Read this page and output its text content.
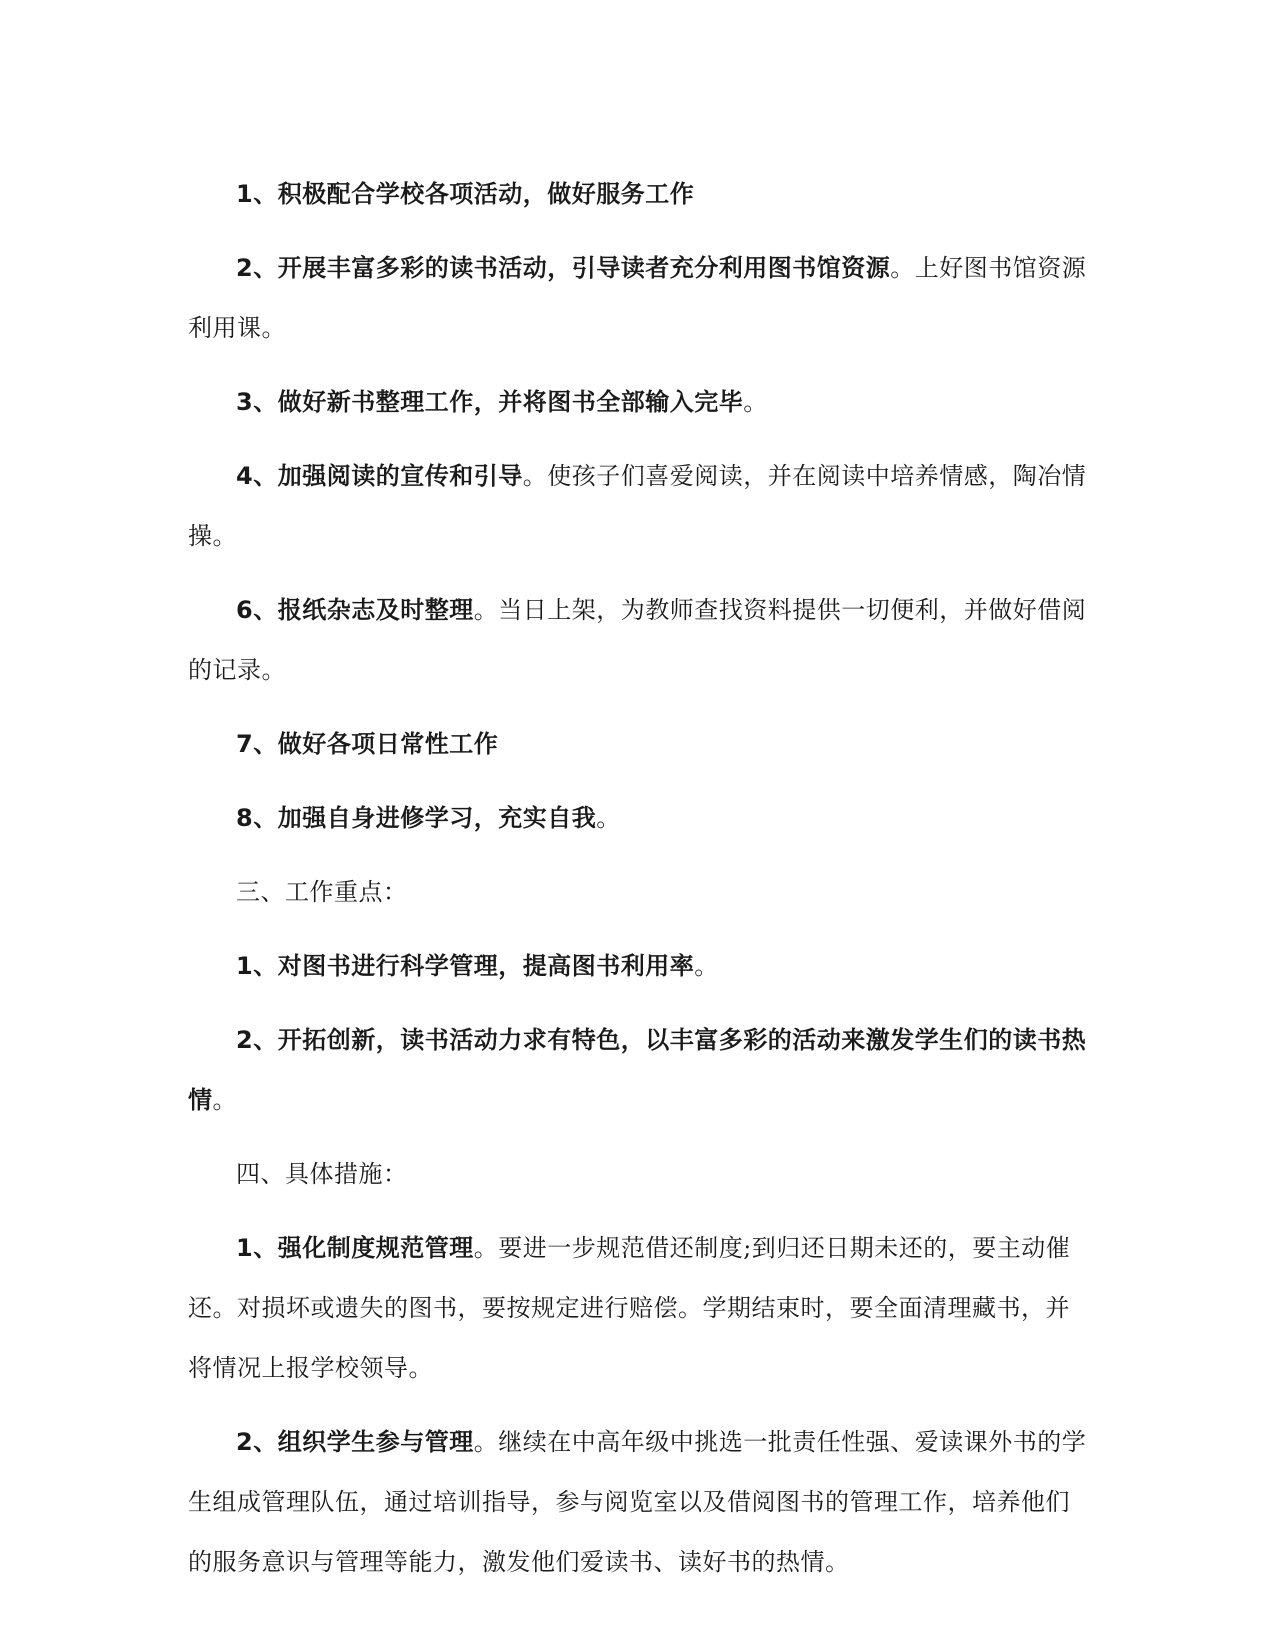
1、积极配合学校各项活动，做好服务工作

2、开展丰富多彩的读书活动，引导读者充分利用图书馆资源。上好图书馆资源利用课。

3、做好新书整理工作，并将图书全部输入完毕。

4、加强阅读的宣传和引导。使孩子们喜爱阅读，并在阅读中培养情感，陶冶情操。

6、报纸杂志及时整理。当日上架，为教师查找资料提供一切便利，并做好借阅的记录。

7、做好各项日常性工作

8、加强自身进修学习，充实自我。

三、工作重点：

1、对图书进行科学管理，提高图书利用率。

2、开拓创新，读书活动力求有特色，以丰富多彩的活动来激发学生们的读书热情。

四、具体措施：

1、强化制度规范管理。要进一步规范借还制度;到归还日期未还的，要主动催还。对损坏或遗失的图书，要按规定进行赔偿。学期结束时，要全面清理藏书，并将情况上报学校领导。

2、组织学生参与管理。继续在中高年级中挑选一批责任性强、爱读课外书的学生组成管理队伍，通过培训指导，参与阅览室以及借阅图书的管理工作，培养他们的服务意识与管理等能力，激发他们爱读书、读好书的热情。
